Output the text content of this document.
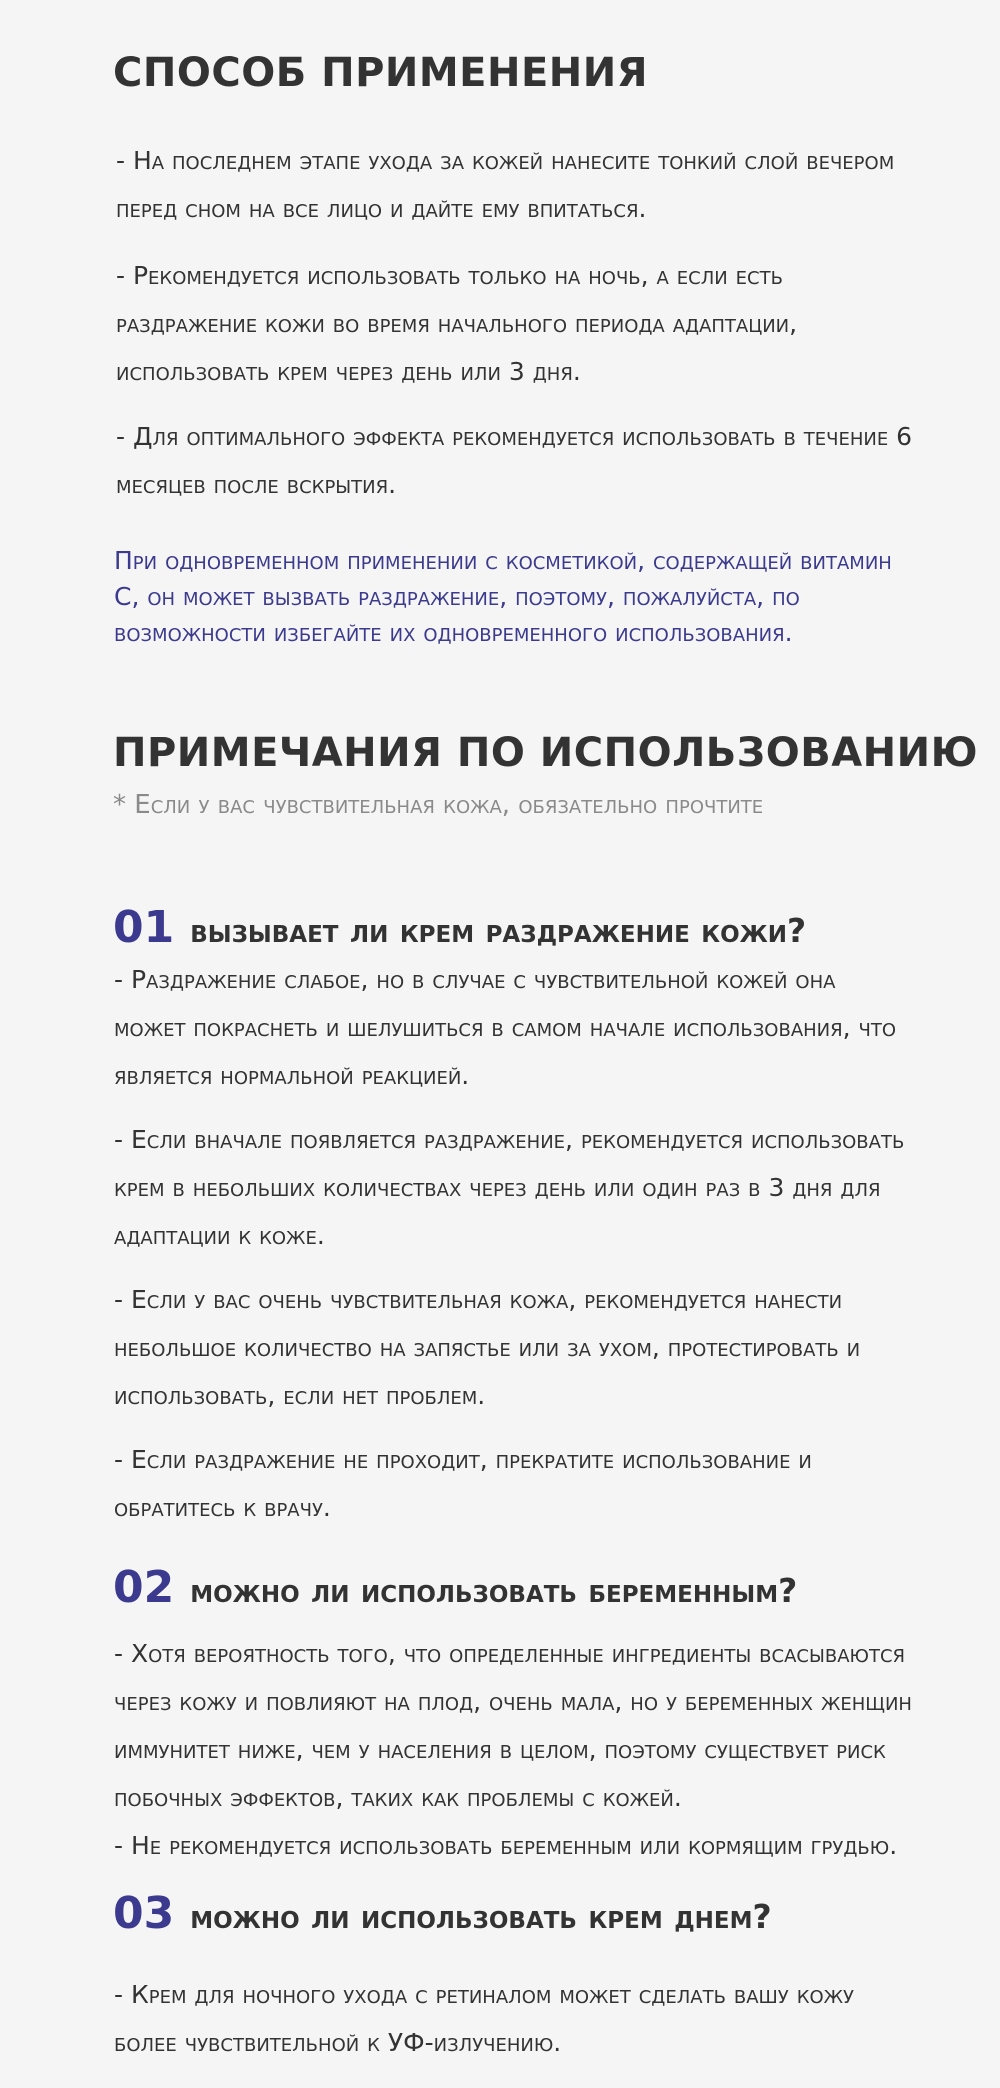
СПОСОБ ПРИМЕНЕНИЯ
- На последнем этапе ухода за кожей нанесите тонкий слой вечером перед сном на все лицо и дайте ему впитаться.
- Рекомендуется использовать только на ночь, а если есть раздражение кожи во время начального периода адаптации, использовать крем через день или 3 дня.
- Для оптимального эффекта рекомендуется использовать в течение 6 месяцев после вскрытия.
При одновременном применении с косметикой, содержащей витамин C, он может вызвать раздражение, поэтому, пожалуйста, по возможности избегайте их одновременного использования.
ПРИМЕЧАНИЯ ПО ИСПОЛЬЗОВАНИЮ
* Если у вас чувствительная кожа, обязательно прочтите
01 вызывает ли крем раздражение кожи?
- Раздражение слабое, но в случае с чувствительной кожей она может покраснеть и шелушиться в самом начале использования, что является нормальной реакцией.
- Если вначале появляется раздражение, рекомендуется использовать крем в небольших количествах через день или один раз в 3 дня для адаптации к коже.
- Если у вас очень чувствительная кожа, рекомендуется нанести небольшое количество на запястье или за ухом, протестировать и использовать, если нет проблем.
- Если раздражение не проходит, прекратите использование и обратитесь к врачу.
02 можно ли использовать беременным?
- Хотя вероятность того, что определенные ингредиенты всасываются через кожу и повлияют на плод, очень мала, но у беременных женщин иммунитет ниже, чем у населения в целом, поэтому существует риск побочных эффектов, таких как проблемы с кожей.
- Не рекомендуется использовать беременным или кормящим грудью.
03 можно ли использовать крем днем?
- Крем для ночного ухода с ретиналом может сделать вашу кожу более чувствительной к УФ-излучению.
